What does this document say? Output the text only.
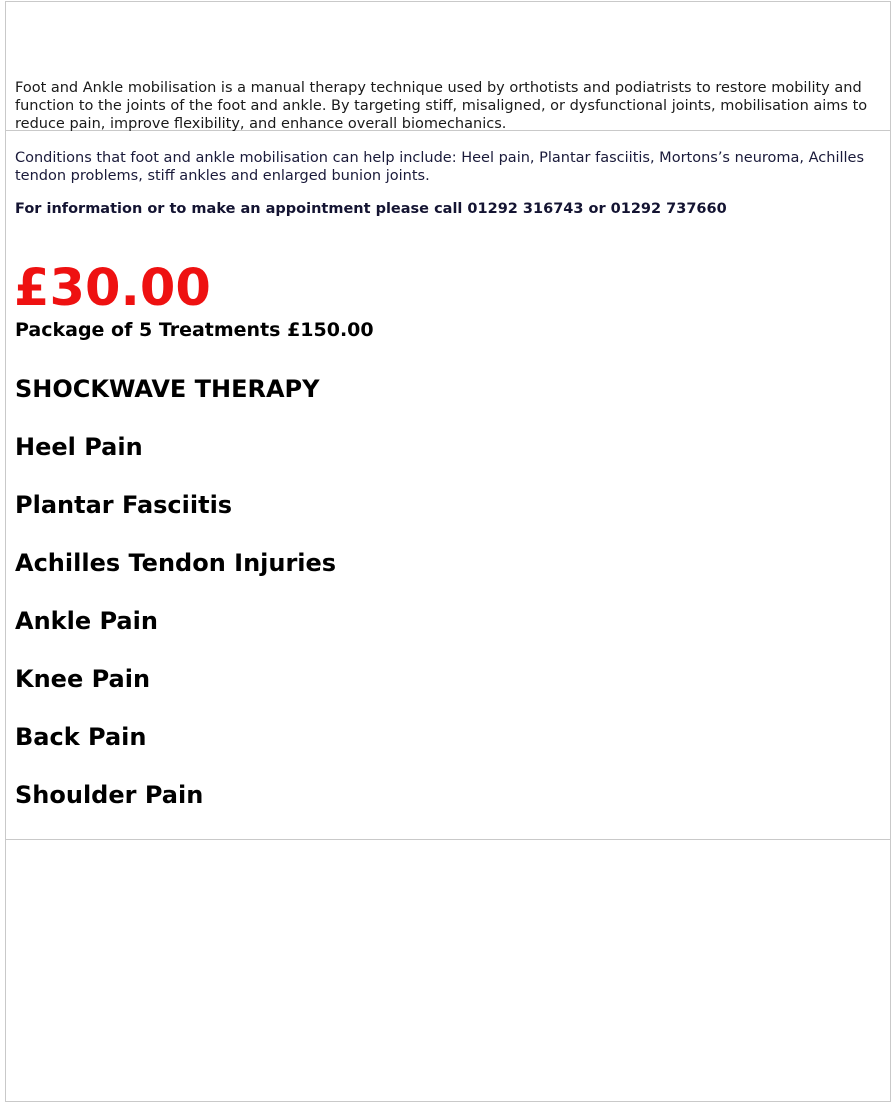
Foot and Ankle mobilisation is a manual therapy technique used by orthotists and podiatrists to restore mobility and function to the joints of the foot and ankle. By targeting stiff, misaligned, or dysfunctional joints, mobilisation aims to reduce pain, improve flexibility, and enhance overall biomechanics.

Conditions that foot and ankle mobilisation can help include: Heel pain, Plantar fasciitis, Mortons’s neuroma, Achilles tendon problems, stiff ankles and enlarged bunion joints.

For information or to make an appointment please call 01292 316743 or 01292 737660

£30.00

Package of 5 Treatments £150.00

SHOCKWAVE THERAPY
Heel Pain
Plantar Fasciitis
Achilles Tendon Injuries
Ankle Pain
Knee Pain
Back Pain
Shoulder Pain
